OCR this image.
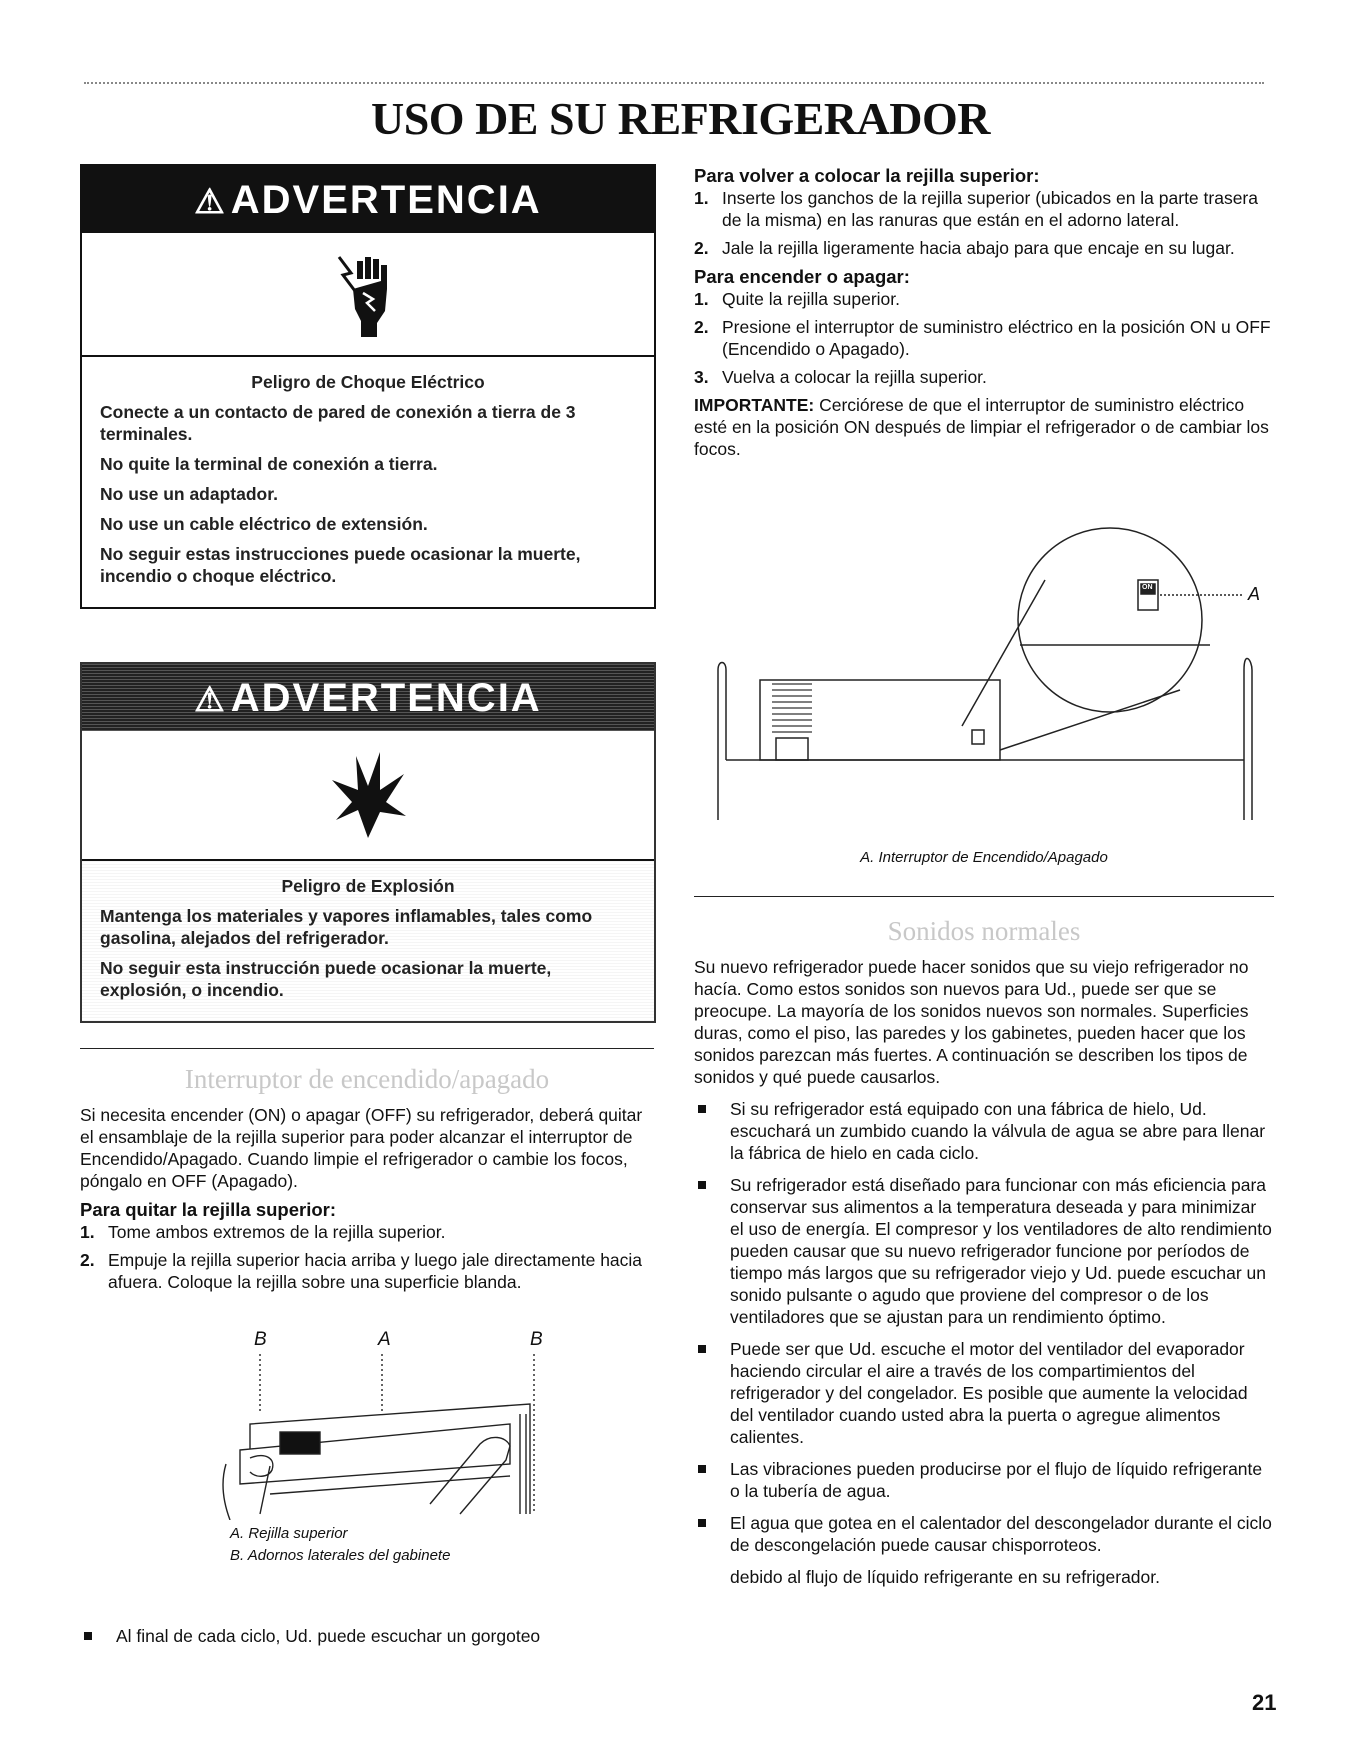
USO DE SU REFRIGERADOR
⚠ ADVERTENCIA

Peligro de Choque Eléctrico

Conecte a un contacto de pared de conexión a tierra de 3 terminales.

No quite la terminal de conexión a tierra.

No use un adaptador.

No use un cable eléctrico de extensión.

No seguir estas instrucciones puede ocasionar la muerte, incendio o choque eléctrico.

⚠ ADVERTENCIA

Peligro de Explosión

Mantenga los materiales y vapores inflamables, tales como gasolina, alejados del refrigerador.

No seguir esta instrucción puede ocasionar la muerte, explosión, o incendio.

Interruptor de encendido/apagado

Si necesita encender (ON) o apagar (OFF) su refrigerador, deberá quitar el ensamblaje de la rejilla superior para poder alcanzar el interruptor de Encendido/Apagado. Cuando limpie el refrigerador o cambie los focos, póngalo en OFF (Apagado).

Para quitar la rejilla superior:
1. Tome ambos extremos de la rejilla superior.
2. Empuje la rejilla superior hacia arriba y luego jale directamente hacia afuera. Coloque la rejilla sobre una superficie blanda.
B	A	B
A. Rejilla superior
B. Adornos laterales del gabinete
Al final de cada ciclo, Ud. puede escuchar un gorgoteo
Para volver a colocar la rejilla superior:
1. Inserte los ganchos de la rejilla superior (ubicados en la parte trasera de la misma) en las ranuras que están en el adorno lateral.
2. Jale la rejilla ligeramente hacia abajo para que encaje en su lugar.
Para encender o apagar:
1. Quite la rejilla superior.
2. Presione el interruptor de suministro eléctrico en la posición ON u OFF (Encendido o Apagado).
3. Vuelva a colocar la rejilla superior.

IMPORTANTE: Cerciórese de que el interruptor de suministro eléctrico esté en la posición ON después de limpiar el refrigerador o de cambiar los focos.

A
ON
A. Interruptor de Encendido/Apagado
Sonidos normales

Su nuevo refrigerador puede hacer sonidos que su viejo refrigerador no hacía. Como estos sonidos son nuevos para Ud., puede ser que se preocupe. La mayoría de los sonidos nuevos son normales. Superficies duras, como el piso, las paredes y los gabinetes, pueden hacer que los sonidos parezcan más fuertes. A continuación se describen los tipos de sonidos y qué puede causarlos.

Si su refrigerador está equipado con una fábrica de hielo, Ud. escuchará un zumbido cuando la válvula de agua se abre para llenar la fábrica de hielo en cada ciclo.
Su refrigerador está diseñado para funcionar con más eficiencia para conservar sus alimentos a la temperatura deseada y para minimizar el uso de energía. El compresor y los ventiladores de alto rendimiento pueden causar que su nuevo refrigerador funcione por períodos de tiempo más largos que su refrigerador viejo y Ud. puede escuchar un sonido pulsante o agudo que proviene del compresor o de los ventiladores que se ajustan para un rendimiento óptimo.
Puede ser que Ud. escuche el motor del ventilador del evaporador haciendo circular el aire a través de los compartimientos del refrigerador y del congelador. Es posible que aumente la velocidad del ventilador cuando usted abra la puerta o agregue alimentos calientes.
Las vibraciones pueden producirse por el flujo de líquido refrigerante o la tubería de agua.
El agua que gotea en el calentador del descongelador durante el ciclo de descongelación puede causar chisporroteos.

debido al flujo de líquido refrigerante en su refrigerador.

21
